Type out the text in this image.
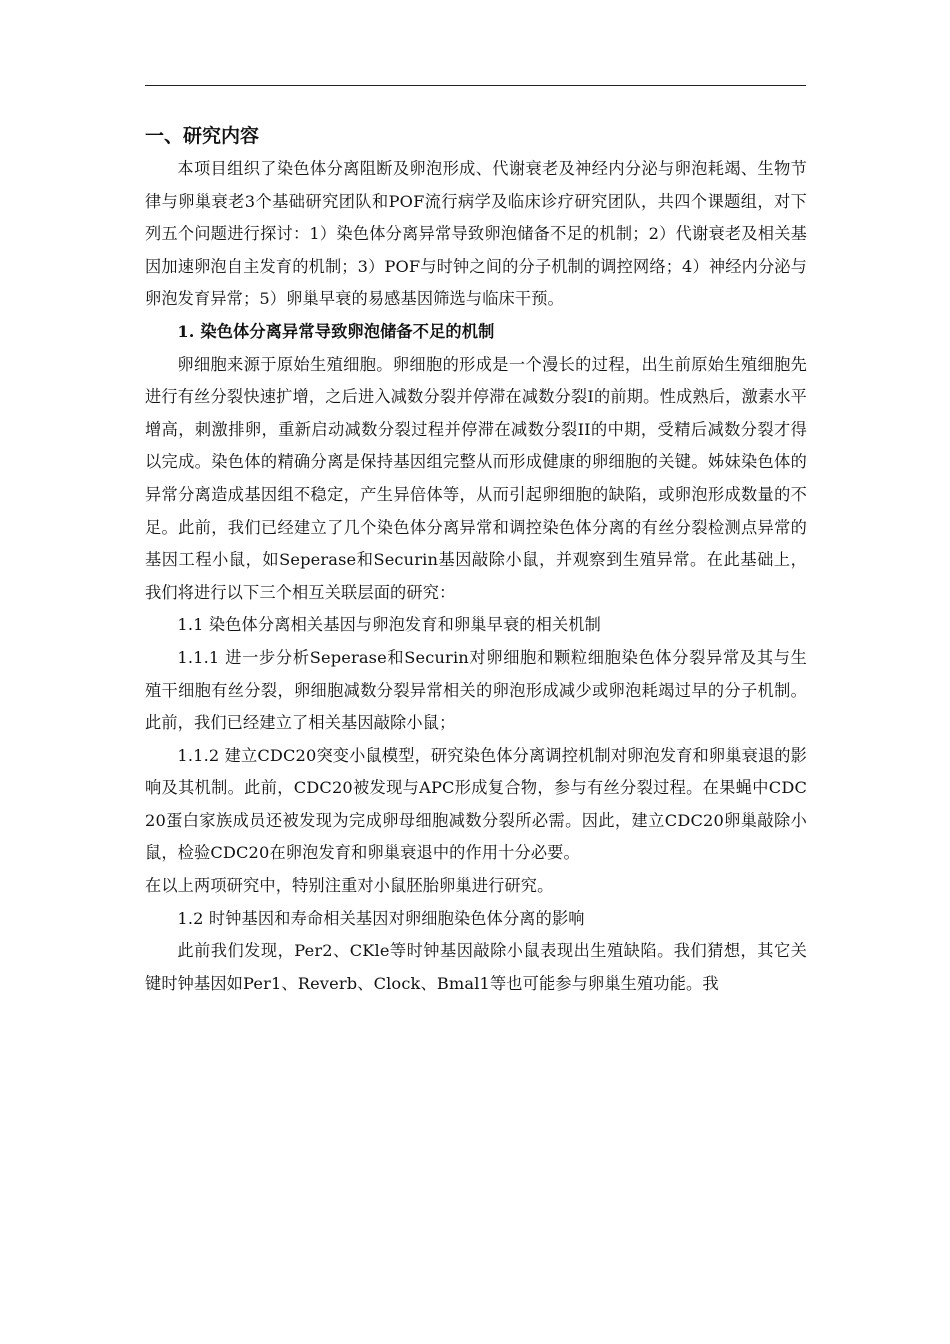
一、研究内容

本项目组织了染色体分离阻断及卵泡形成、代谢衰老及神经内分泌与卵泡耗竭、生物节律与卵巢衰老3个基础研究团队和POF流行病学及临床诊疗研究团队，共四个课题组，对下列五个问题进行探讨：1）染色体分离异常导致卵泡储备不足的机制；2）代谢衰老及相关基因加速卵泡自主发育的机制；3）POF与时钟之间的分子机制的调控网络；4）神经内分泌与卵泡发育异常；5）卵巢早衰的易感基因筛选与临床干预。

1. 染色体分离异常导致卵泡储备不足的机制

卵细胞来源于原始生殖细胞。卵细胞的形成是一个漫长的过程，出生前原始生殖细胞先进行有丝分裂快速扩增，之后进入减数分裂并停滞在减数分裂I的前期。性成熟后，激素水平增高，刺激排卵，重新启动减数分裂过程并停滞在减数分裂II的中期，受精后减数分裂才得以完成。染色体的精确分离是保持基因组完整从而形成健康的卵细胞的关键。姊妹染色体的异常分离造成基因组不稳定，产生异倍体等，从而引起卵细胞的缺陷，或卵泡形成数量的不足。此前，我们已经建立了几个染色体分离异常和调控染色体分离的有丝分裂检测点异常的基因工程小鼠，如Seperase和Securin基因敲除小鼠，并观察到生殖异常。在此基础上，我们将进行以下三个相互关联层面的研究：

1.1 染色体分离相关基因与卵泡发育和卵巢早衰的相关机制

1.1.1 进一步分析Seperase和Securin对卵细胞和颗粒细胞染色体分裂异常及其与生殖干细胞有丝分裂，卵细胞减数分裂异常相关的卵泡形成减少或卵泡耗竭过早的分子机制。此前，我们已经建立了相关基因敲除小鼠；

1.1.2 建立CDC20突变小鼠模型，研究染色体分离调控机制对卵泡发育和卵巢衰退的影响及其机制。此前，CDC20被发现与APC形成复合物，参与有丝分裂过程。在果蝇中CDC20蛋白家族成员还被发现为完成卵母细胞减数分裂所必需。因此，建立CDC20卵巢敲除小鼠，检验CDC20在卵泡发育和卵巢衰退中的作用十分必要。

在以上两项研究中，特别注重对小鼠胚胎卵巢进行研究。

1.2 时钟基因和寿命相关基因对卵细胞染色体分离的影响

此前我们发现，Per2、CKle等时钟基因敲除小鼠表现出生殖缺陷。我们猜想，其它关键时钟基因如Per1、Reverb、Clock、Bmal1等也可能参与卵巢生殖功能。我
